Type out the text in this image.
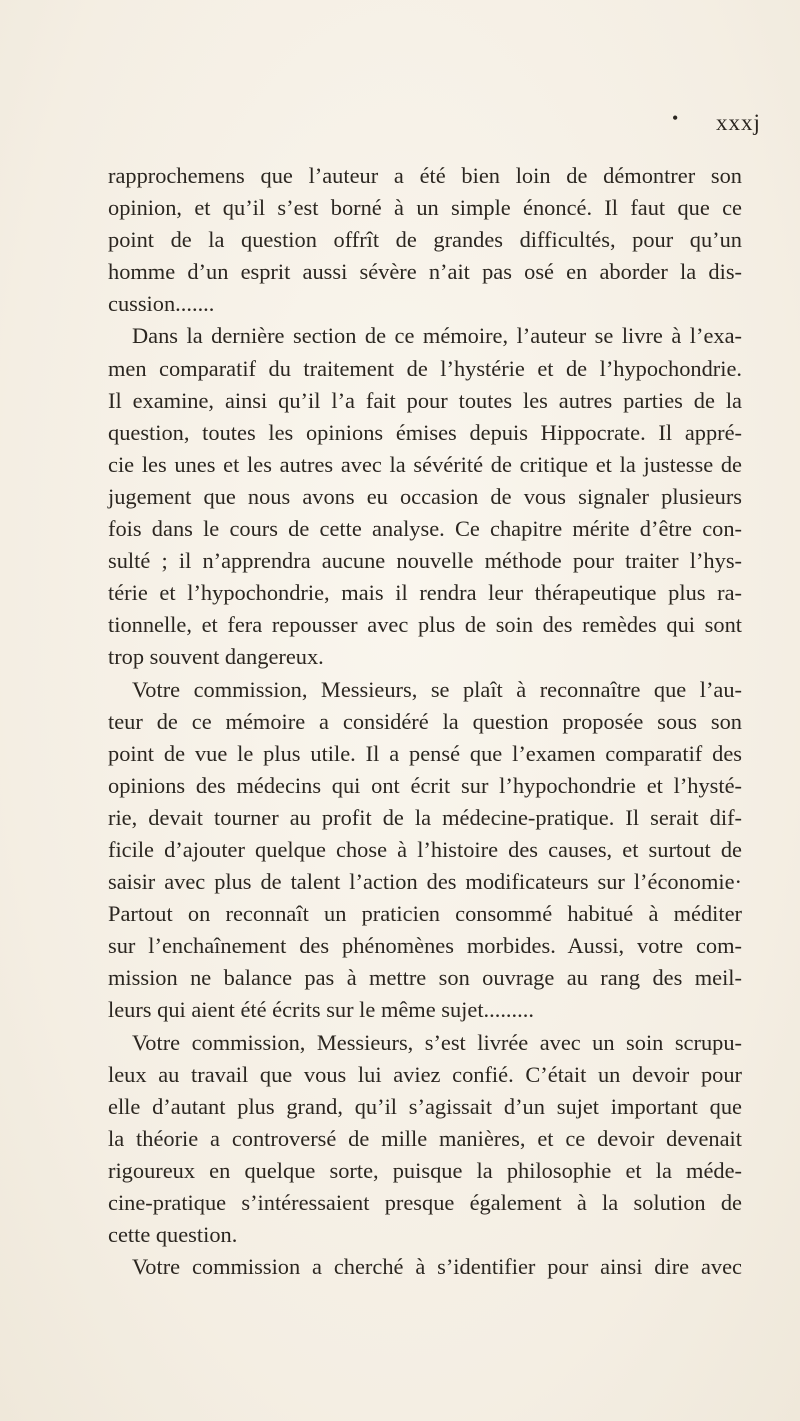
• xxxj
rapprochemens que l’auteur a été bien loin de démontrer son
opinion, et qu’il s’est borné à un simple énoncé. Il faut que ce
point de la question offrît de grandes difficultés, pour qu’un
homme d’un esprit aussi sévère n’ait pas osé en aborder la dis-
cussion.......
Dans la dernière section de ce mémoire, l’auteur se livre à l’exa-
men comparatif du traitement de l’hystérie et de l’hypochondrie.
Il examine, ainsi qu’il l’a fait pour toutes les autres parties de la
question, toutes les opinions émises depuis Hippocrate. Il appré-
cie les unes et les autres avec la sévérité de critique et la justesse de
jugement que nous avons eu occasion de vous signaler plusieurs
fois dans le cours de cette analyse. Ce chapitre mérite d’être con-
sulté ; il n’apprendra aucune nouvelle méthode pour traiter l’hys-
térie et l’hypochondrie, mais il rendra leur thérapeutique plus ra-
tionnelle, et fera repousser avec plus de soin des remèdes qui sont
trop souvent dangereux.
Votre commission, Messieurs, se plaît à reconnaître que l’au-
teur de ce mémoire a considéré la question proposée sous son
point de vue le plus utile. Il a pensé que l’examen comparatif des
opinions des médecins qui ont écrit sur l’hypochondrie et l’hysté-
rie, devait tourner au profit de la médecine-pratique. Il serait dif-
ficile d’ajouter quelque chose à l’histoire des causes, et surtout de
saisir avec plus de talent l’action des modificateurs sur l’économie·
Partout on reconnaît un praticien consommé habitué à méditer
sur l’enchaînement des phénomènes morbides. Aussi, votre com-
mission ne balance pas à mettre son ouvrage au rang des meil-
leurs qui aient été écrits sur le même sujet.........
Votre commission, Messieurs, s’est livrée avec un soin scrupu-
leux au travail que vous lui aviez confié. C’était un devoir pour
elle d’autant plus grand, qu’il s’agissait d’un sujet important que
la théorie a controversé de mille manières, et ce devoir devenait
rigoureux en quelque sorte, puisque la philosophie et la méde-
cine-pratique s’intéressaient presque également à la solution de
cette question.
Votre commission a cherché à s’identifier pour ainsi dire avec
